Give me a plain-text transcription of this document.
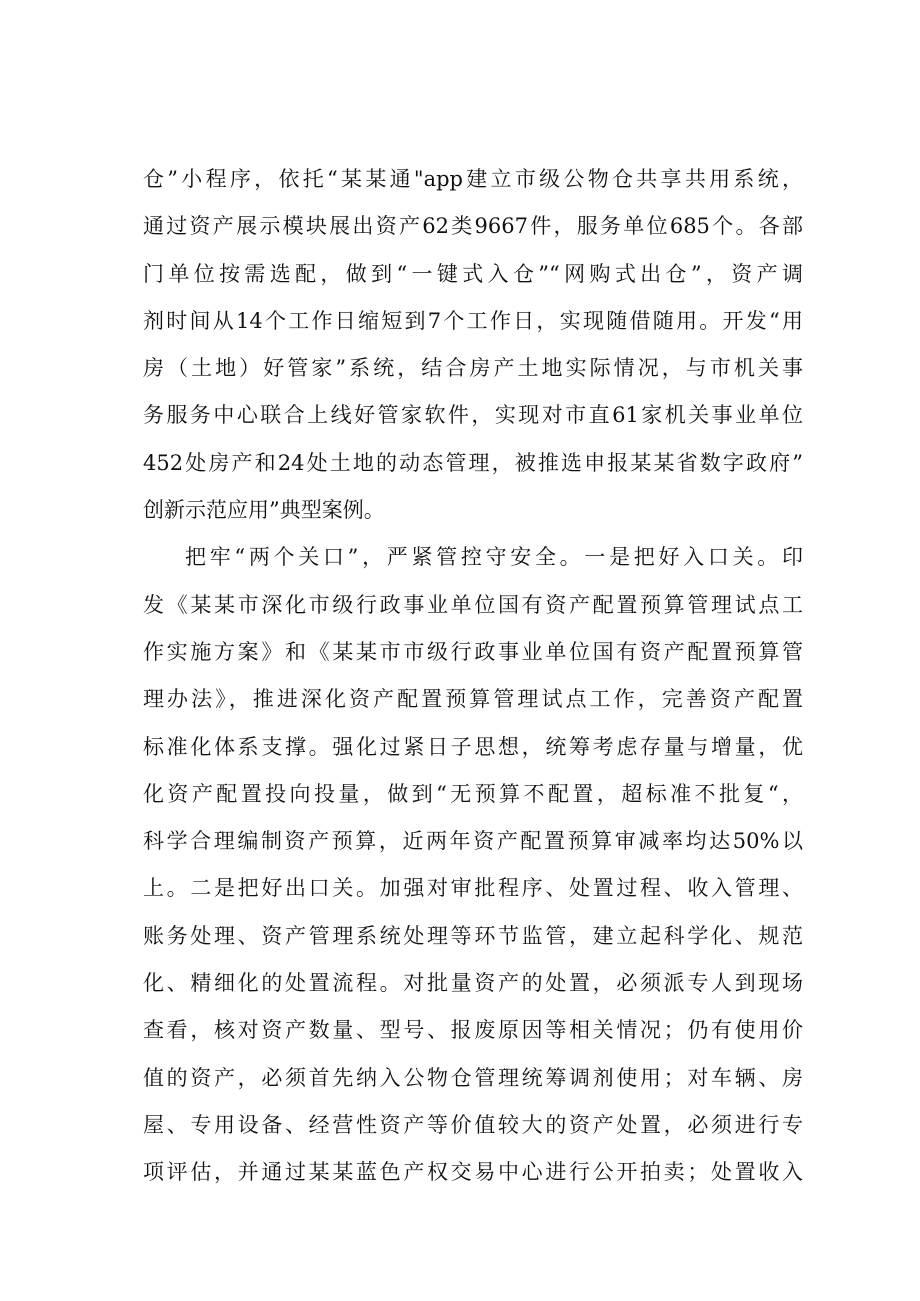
仓”小程序，依托“某某通"app建立市级公物仓共享共用系统，
通过资产展示模块展出资产62类9667件，服务单位685个。各部
门单位按需选配，做到“一键式入仓”“网购式出仓”，资产调
剂时间从14个工作日缩短到7个工作日，实现随借随用。开发“用
房（土地）好管家”系统，结合房产土地实际情况，与市机关事
务服务中心联合上线好管家软件，实现对市直61家机关事业单位
452处房产和24处土地的动态管理，被推选申报某某省数字政府”
创新示范应用”典型案例。
把牢“两个关口”，严紧管控守安全。一是把好入口关。印
发《某某市深化市级行政事业单位国有资产配置预算管理试点工
作实施方案》和《某某市市级行政事业单位国有资产配置预算管
理办法》，推进深化资产配置预算管理试点工作，完善资产配置
标准化体系支撑。强化过紧日子思想，统筹考虑存量与增量，优
化资产配置投向投量，做到“无预算不配置，超标准不批复“，
科学合理编制资产预算，近两年资产配置预算审减率均达50%以
上。二是把好出口关。加强对审批程序、处置过程、收入管理、
账务处理、资产管理系统处理等环节监管，建立起科学化、规范
化、精细化的处置流程。对批量资产的处置，必须派专人到现场
查看，核对资产数量、型号、报废原因等相关情况；仍有使用价
值的资产，必须首先纳入公物仓管理统筹调剂使用；对车辆、房
屋、专用设备、经营性资产等价值较大的资产处置，必须进行专
项评估，并通过某某蓝色产权交易中心进行公开拍卖；处置收入
